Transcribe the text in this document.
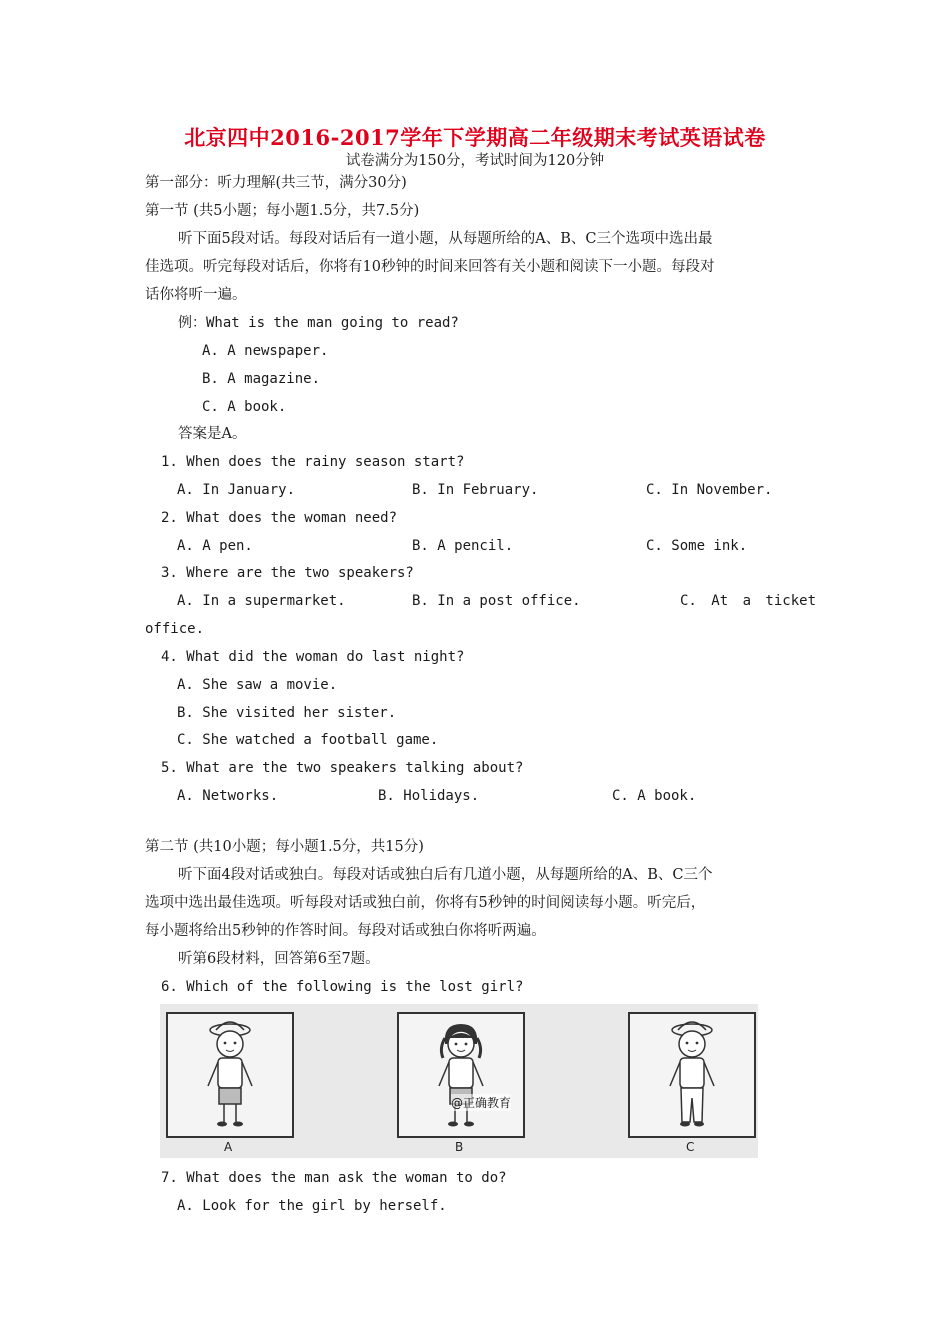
北京四中2016-2017学年下学期高二年级期末考试英语试卷
试卷满分为150分，考试时间为120分钟
第一部分：听力理解(共三节，满分30分)
第一节 (共5小题；每小题1.5分，共7.5分)
听下面5段对话。每段对话后有一道小题，从每题所给的A、B、C三个选项中选出最
佳选项。听完每段对话后，你将有10秒钟的时间来回答有关小题和阅读下一小题。每段对
话你将听一遍。
例：What is the man going to read?
A. A newspaper.
B. A magazine.
C. A book.
答案是A。
1. When does the rainy season start?
A. In January.	B. In February.	C. In November.
2. What does the woman need?
A. A pen.	B. A pencil.	C. Some ink.
3. Where are the two speakers?
A. In a supermarket.	B. In a post office.	C. At a ticket
office.
4. What did the woman do last night?
A. She saw a movie.
B. She visited her sister.
C. She watched a football game.
5. What are the two speakers talking about?
A. Networks.	B. Holidays.	C. A book.
第二节 (共10小题；每小题1.5分，共15分)
听下面4段对话或独白。每段对话或独白后有几道小题，从每题所给的A、B、C三个
选项中选出最佳选项。听每段对话或独白前，你将有5秒钟的时间阅读每小题。听完后，
每小题将给出5秒钟的作答时间。每段对话或独白你将听两遍。
听第6段材料，回答第6至7题。
6. Which of the following is the lost girl?
A
@正确教育
B	C
7. What does the man ask the woman to do?
A. Look for the girl by herself.
